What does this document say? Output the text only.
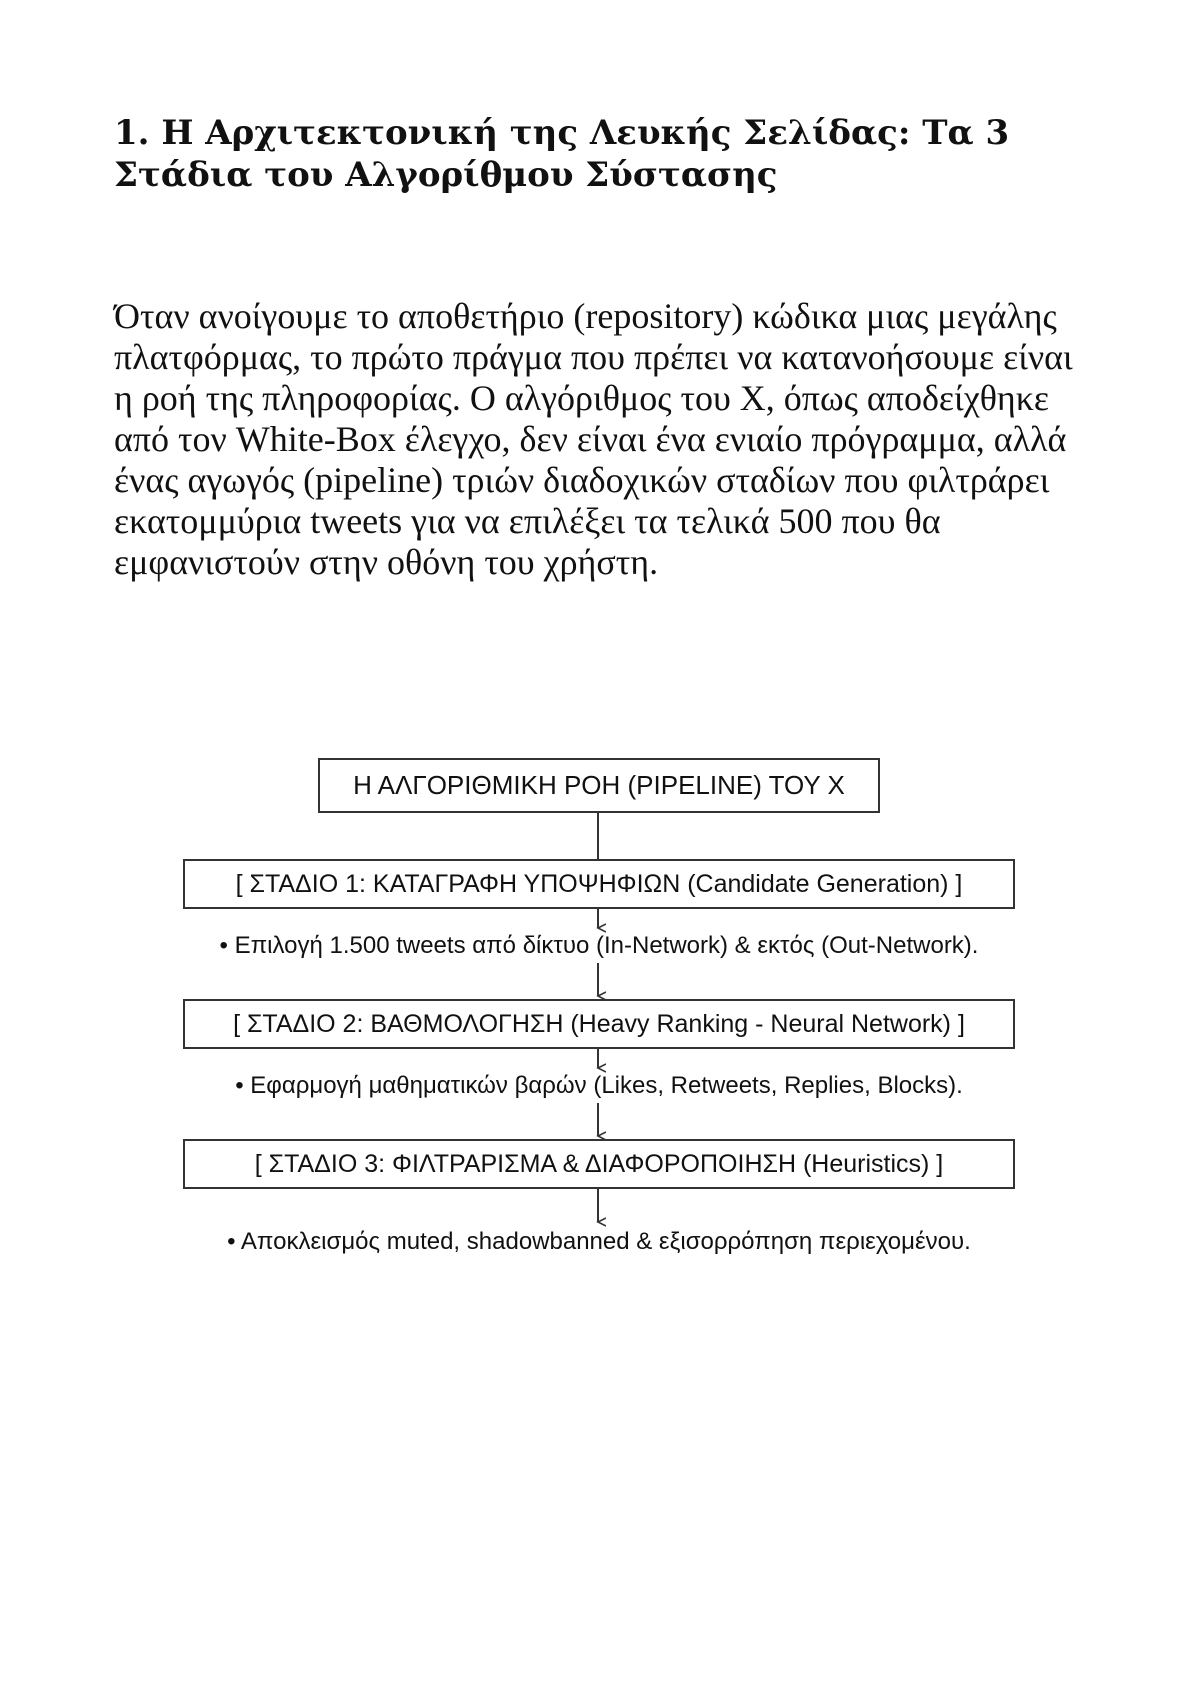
1. Η Αρχιτεκτονική της Λευκής Σελίδας: Τα 3 Στάδια του Αλγορίθμου Σύστασης

Όταν ανοίγουμε το αποθετήριο (repository) κώδικα μιας μεγάλης πλατφόρμας, το πρώτο πράγμα που πρέπει να κατανοήσουμε είναι η ροή της πληροφορίας. Ο αλγόριθμος του Χ, όπως αποδείχθηκε από τον White-Box έλεγχο, δεν είναι ένα ενιαίο πρόγραμμα, αλλά ένας αγωγός (pipeline) τριών διαδοχικών σταδίων που φιλτράρει εκατομμύρια tweets για να επιλέξει τα τελικά 500 που θα εμφανιστούν στην οθόνη του χρήστη.

Η ΑΛΓΟΡΙΘΜΙΚΗ ΡΟΗ (PIPELINE) ΤΟΥ Χ
[ ΣΤΑΔΙΟ 1: ΚΑΤΑΓΡΑΦΗ ΥΠΟΨΗΦΙΩΝ (Candidate Generation) ]
• Επιλογή 1.500 tweets από δίκτυο (In-Network) & εκτός (Out-Network).
[ ΣΤΑΔΙΟ 2: ΒΑΘΜΟΛΟΓΗΣΗ (Heavy Ranking - Neural Network) ]
• Εφαρμογή μαθηματικών βαρών (Likes, Retweets, Replies, Blocks).
[ ΣΤΑΔΙΟ 3: ΦΙΛΤΡΑΡΙΣΜΑ & ΔΙΑΦΟΡΟΠΟΙΗΣΗ (Heuristics) ]
• Αποκλεισμός muted, shadowbanned & εξισορρόπηση περιεχομένου.
